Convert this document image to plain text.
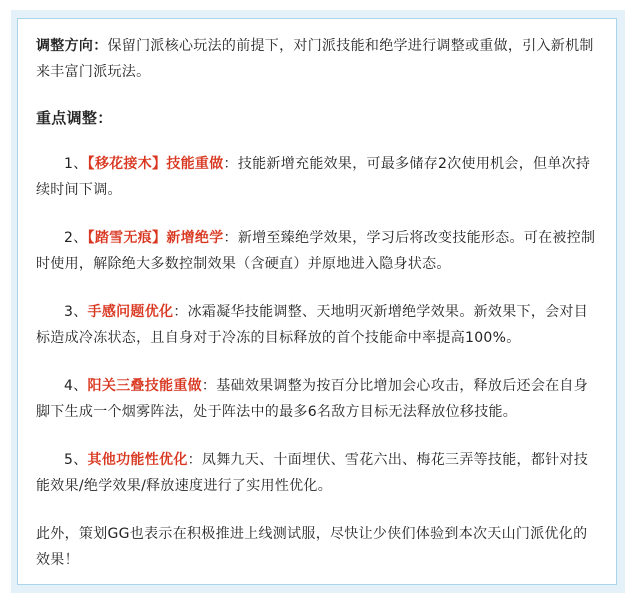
调整方向：保留门派核心玩法的前提下，对门派技能和绝学进行调整或重做，引入新机制来丰富门派玩法。

重点调整：

1、【移花接木】技能重做：技能新增充能效果，可最多储存2次使用机会，但单次持续时间下调。

2、【踏雪无痕】新增绝学：新增至臻绝学效果，学习后将改变技能形态。可在被控制时使用，解除绝大多数控制效果（含硬直）并原地进入隐身状态。

3、手感问题优化：冰霜凝华技能调整、天地明灭新增绝学效果。新效果下，会对目标造成冷冻状态，且自身对于冷冻的目标释放的首个技能命中率提高100%。

4、阳关三叠技能重做：基础效果调整为按百分比增加会心攻击，释放后还会在自身脚下生成一个烟雾阵法，处于阵法中的最多6名敌方目标无法释放位移技能。

5、其他功能性优化：凤舞九天、十面埋伏、雪花六出、梅花三弄等技能，都针对技能效果/绝学效果/释放速度进行了实用性优化。

此外，策划GG也表示在积极推进上线测试服，尽快让少侠们体验到本次天山门派优化的效果！
